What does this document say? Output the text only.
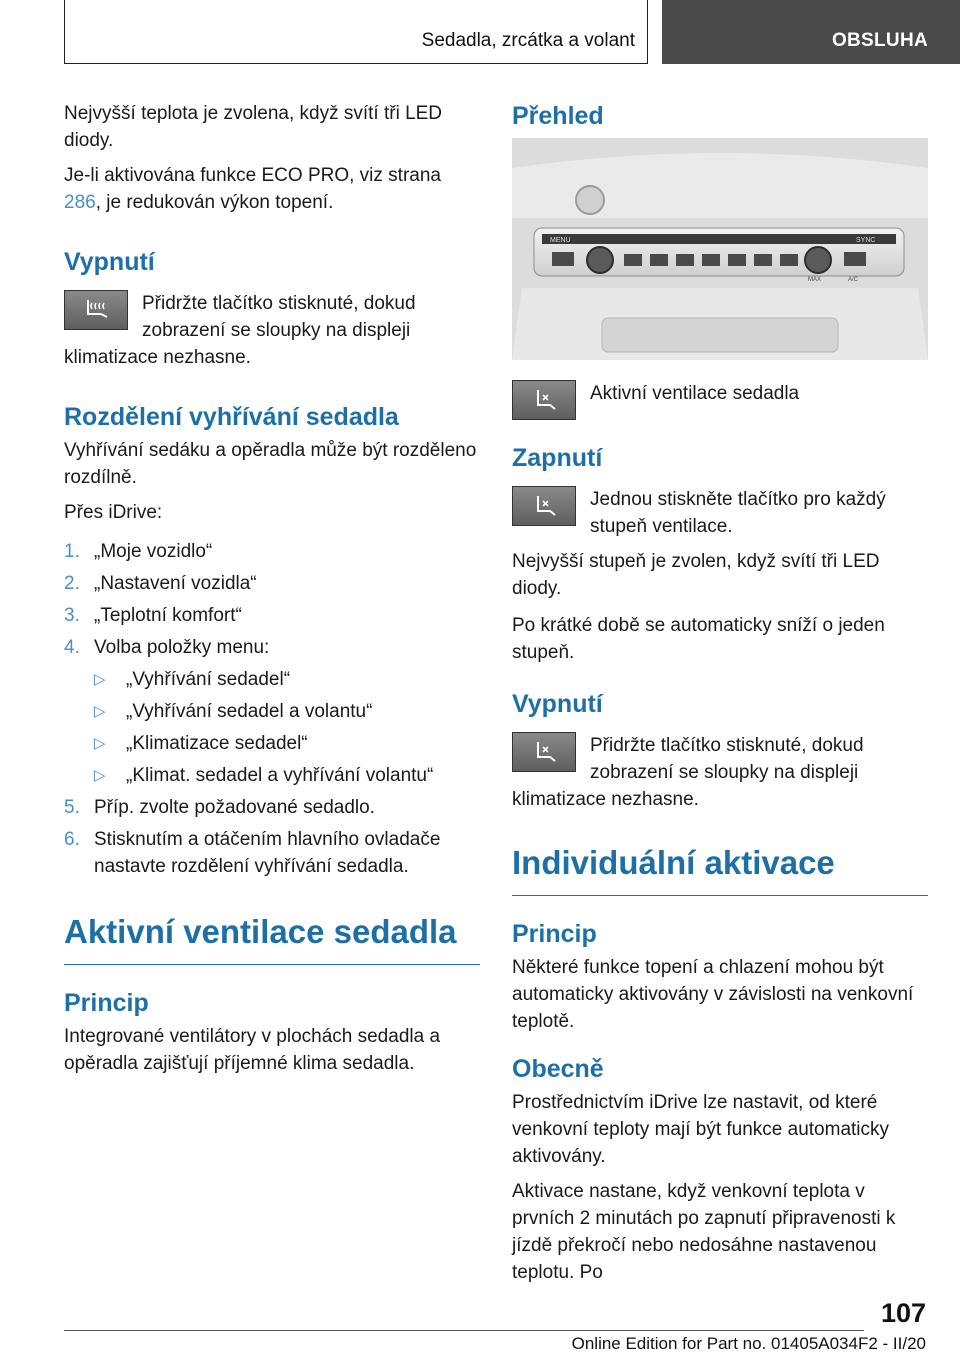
Sedadla, zrcátka a volant	OBSLUHA

Nejvyšší teplota je zvolena, když svítí tři LED diody.

Je-li aktivována funkce ECO PRO, viz strana 286, je redukován výkon topení.

Vypnutí

Přidržte tlačítko stisknuté, dokud zobrazení se sloupky na displeji klimatizace nezhasne.

Rozdělení vyhřívání sedadla

Vyhřívání sedáku a opěradla může být rozděleno rozdílně.

Přes iDrive:

1. „Moje vozidlo“
2. „Nastavení vozidla“
3. „Teplotní komfort“
4. Volba položky menu:
▷ „Vyhřívání sedadel“
▷ „Vyhřívání sedadel a volantu“
▷ „Klimatizace sedadel“
▷ „Klimat. sedadel a vyhřívání volantu“
5. Příp. zvolte požadované sedadlo.
6. Stisknutím a otáčením hlavního ovladače nastavte rozdělení vyhřívání sedadla.
Aktivní ventilace sedadla
Princip

Integrované ventilátory v plochách sedadla a opěradla zajišťují příjemné klima sedadla.

Přehled
MENU	SYNC
MAX	A/C

Aktivní ventilace sedadla

Zapnutí

Jednou stiskněte tlačítko pro každý stupeň ventilace.

Nejvyšší stupeň je zvolen, když svítí tři LED diody.

Po krátké době se automaticky sníží o jeden stupeň.

Vypnutí

Přidržte tlačítko stisknuté, dokud zobrazení se sloupky na displeji klimatizace nezhasne.

Individuální aktivace
Princip

Některé funkce topení a chlazení mohou být automaticky aktivovány v závislosti na venkovní teplotě.

Obecně

Prostřednictvím iDrive lze nastavit, od které venkovní teploty mají být funkce automaticky aktivovány.

Aktivace nastane, když venkovní teplota v prvních 2 minutách po zapnutí připravenosti k jízdě překročí nebo nedosáhne nastavenou teplotu. Po

107
Online Edition for Part no. 01405A034F2 - II/20
